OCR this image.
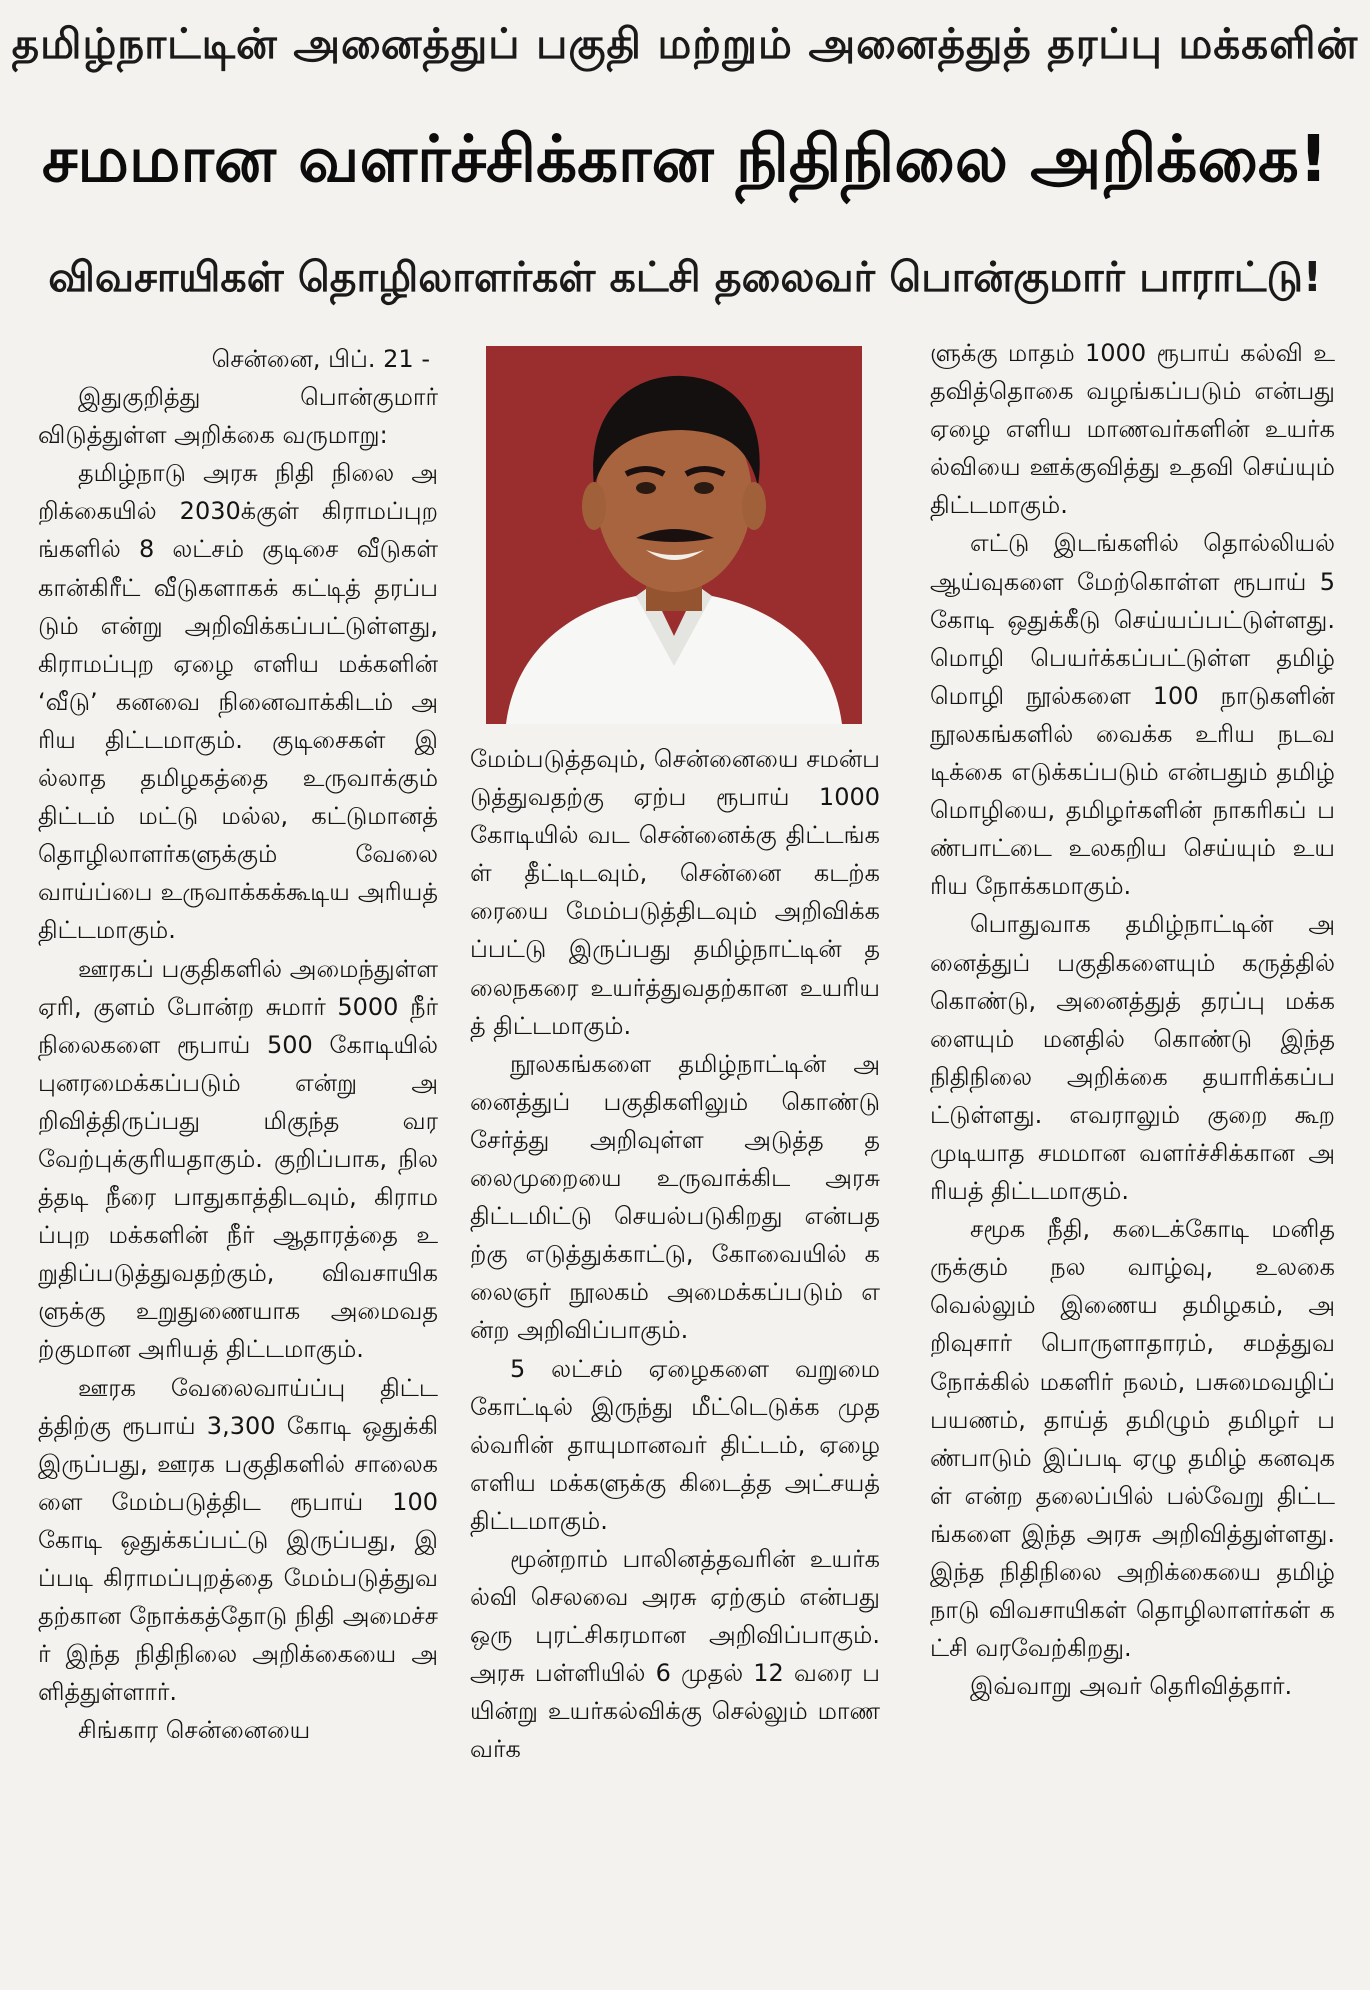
தமிழ்நாட்டின் அனைத்துப் பகுதி மற்றும் அனைத்துத் தரப்பு மக்களின்
சமமான வளர்ச்சிக்கான நிதிநிலை அறிக்கை!
விவசாயிகள் தொழிலாளர்கள் கட்சி தலைவர் பொன்குமார் பாராட்டு!

சென்னை, பிப். 21 -

இதுகுறித்து பொன்குமார் விடுத்துள்ள அறிக்கை வருமாறு:

தமிழ்நாடு அரசு நிதி நிலை அறிக்கையில் 2030க்குள் கிராமப்புறங்களில் 8 லட்சம் குடிசை வீடுகள் கான்கிரீட் வீடுகளாகக் கட்டித் தரப்படும் என்று அறிவிக்கப்பட்டுள்ளது, கிராமப்புற ஏழை எளிய மக்களின் ‘வீடு’ கனவை நினைவாக்கிடம் அரிய திட்டமாகும். குடிசைகள் இல்லாத தமிழகத்தை உருவாக்கும் திட்டம் மட்டு மல்ல, கட்டுமானத் தொழிலாளர்களுக்கும் வேலை வாய்ப்பை உருவாக்கக்கூடிய அரியத் திட்டமாகும்.

ஊரகப் பகுதிகளில் அமைந்துள்ள ஏரி, குளம் போன்ற சுமார் 5000 நீர் நிலைகளை ரூபாய் 500 கோடியில் புனரமைக்கப்படும் என்று அறிவித்திருப்பது மிகுந்த வரவேற்புக்குரியதாகும். குறிப்பாக, நிலத்தடி நீரை பாதுகாத்திடவும், கிராமப்புற மக்களின் நீர் ஆதாரத்தை உறுதிப்படுத்துவதற்கும், விவசாயிகளுக்கு உறுதுணையாக அமைவதற்குமான அரியத் திட்டமாகும்.

ஊரக வேலைவாய்ப்பு திட்டத்திற்கு ரூபாய் 3,300 கோடி ஒதுக்கி இருப்பது, ஊரக பகுதிகளில் சாலைகளை மேம்படுத்திட ரூபாய் 100 கோடி ஒதுக்கப்பட்டு இருப்பது, இப்படி கிராமப்புறத்தை மேம்படுத்துவதற்கான நோக்கத்தோடு நிதி அமைச்சர் இந்த நிதிநிலை அறிக்கையை அளித்துள்ளார்.

சிங்கார சென்னையை

மேம்படுத்தவும், சென்னையை சமன்படுத்துவதற்கு ஏற்ப ரூபாய் 1000 கோடியில் வட சென்னைக்கு திட்டங்கள் தீட்டிடவும், சென்னை கடற்கரையை மேம்படுத்திடவும் அறிவிக்கப்பட்டு இருப்பது தமிழ்நாட்டின் தலைநகரை உயர்த்துவதற்கான உயரியத் திட்டமாகும்.

நூலகங்களை தமிழ்நாட்டின் அனைத்துப் பகுதிகளிலும் கொண்டு சேர்த்து அறிவுள்ள அடுத்த தலைமுறையை உருவாக்கிட அரசு திட்டமிட்டு செயல்படுகிறது என்பதற்கு எடுத்துக்காட்டு, கோவையில் கலைஞர் நூலகம் அமைக்கப்படும் என்ற அறிவிப்பாகும்.

5 லட்சம் ஏழைகளை வறுமை கோட்டில் இருந்து மீட்டெடுக்க முதல்வரின் தாயுமானவர் திட்டம், ஏழை எளிய மக்களுக்கு கிடைத்த அட்சயத் திட்டமாகும்.

மூன்றாம் பாலினத்தவரின் உயர்கல்வி செலவை அரசு ஏற்கும் என்பது ஒரு புரட்சிகரமான அறிவிப்பாகும். அரசு பள்ளியில் 6 முதல் 12 வரை பயின்று உயர்கல்விக்கு செல்லும் மாணவர்க

ளுக்கு மாதம் 1000 ரூபாய் கல்வி உதவித்தொகை வழங்கப்படும் என்பது ஏழை எளிய மாணவர்களின் உயர்கல்வியை ஊக்குவித்து உதவி செய்யும் திட்டமாகும்.

எட்டு இடங்களில் தொல்லியல் ஆய்வுகளை மேற்கொள்ள ரூபாய் 5 கோடி ஒதுக்கீடு செய்யப்பட்டுள்ளது. மொழி பெயர்க்கப்பட்டுள்ள தமிழ் மொழி நூல்களை 100 நாடுகளின் நூலகங்களில் வைக்க உரிய நடவடிக்கை எடுக்கப்படும் என்பதும் தமிழ் மொழியை, தமிழர்களின் நாகரிகப் பண்பாட்டை உலகறிய செய்யும் உயரிய நோக்கமாகும்.

பொதுவாக தமிழ்நாட்டின் அனைத்துப் பகுதிகளையும் கருத்தில் கொண்டு, அனைத்துத் தரப்பு மக்களையும் மனதில் கொண்டு இந்த நிதிநிலை அறிக்கை தயாரிக்கப்பட்டுள்ளது. எவராலும் குறை கூற முடியாத சமமான வளர்ச்சிக்கான அரியத் திட்டமாகும்.

சமூக நீதி, கடைக்கோடி மனிதருக்கும் நல வாழ்வு, உலகை வெல்லும் இணைய தமிழகம், அறிவுசார் பொருளாதாரம், சமத்துவ நோக்கில் மகளிர் நலம், பசுமைவழிப் பயணம், தாய்த் தமிழும் தமிழர் பண்பாடும் இப்படி ஏழு தமிழ் கனவுகள் என்ற தலைப்பில் பல்வேறு திட்டங்களை இந்த அரசு அறிவித்துள்ளது. இந்த நிதிநிலை அறிக்கையை தமிழ் நாடு விவசாயிகள் தொழிலாளர்கள் கட்சி வரவேற்கிறது.

இவ்வாறு அவர் தெரிவித்தார்.
